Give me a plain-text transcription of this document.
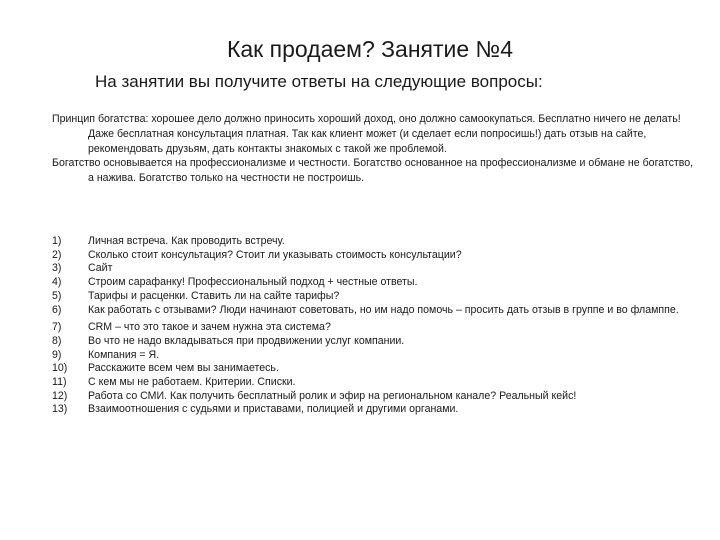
Как продаем? Занятие №4
На занятии вы получите ответы на следующие вопросы:

Принцип богатства: хорошее дело должно приносить хороший доход, оно должно самоокупаться. Бесплатно ничего не делать! Даже бесплатная консультация платная. Так как клиент может (и сделает если попросишь!) дать отзыв на сайте, рекомендовать друзьям, дать контакты знакомых с такой же проблемой.

Богатство основывается на профессионализме и честности. Богатство основанное на профессионализме и обмане не богатство, а нажива. Богатство только на честности не построишь.

1)	Личная встреча. Как проводить встречу.
2)	Сколько стоит консультация? Стоит ли указывать стоимость консультации?
3)	Сайт
4)	Строим сарафанку! Профессиональный подход + честные ответы.
5)	Тарифы и расценки. Ставить ли на сайте тарифы?
6)	Как работать с отзывами? Люди начинают советовать, но им надо помочь – просить дать отзыв в группе и во фламппе.
7)	CRM – что это такое и зачем нужна эта система?
8)	Во что не надо вкладываться при продвижении услуг компании.
9)	Компания = Я.
10) Расскажите всем чем вы занимаетесь.
11) С кем мы не работаем. Критерии. Списки.
12) Работа со СМИ. Как получить бесплатный ролик и эфир на региональном канале? Реальный кейс!
13) Взаимоотношения с судьями и приставами, полицией и другими органами.
